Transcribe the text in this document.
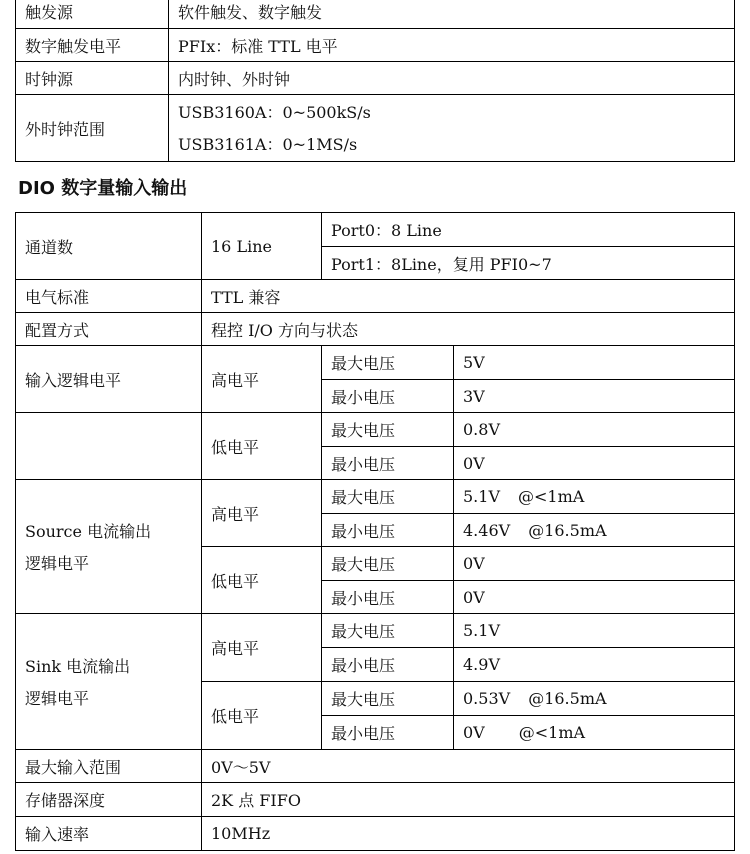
触发源	软件触发、数字触发
数字触发电平	PFIx：标准 TTL 电平
时钟源	内时钟、外时钟
外时钟范围	USB3160A：0~500kS/s
USB3161A：0~1MS/s
DIO 数字量输入输出
通道数	16 Line	Port0：8 Line	
		Port1：8Line，复用 PFI0~7	
电气标准	TTL 兼容		
配置方式	程控 I/O 方向与状态		
输入逻辑电平	高电平	最大电压	5V
		最小电压	3V
	低电平	最大电压	0.8V
		最小电压	0V

Source 电流输出
逻辑电平	高电平	最大电压	5.1V @<1mA
		最小电压	4.46V @16.5mA
	低电平	最大电压	0V
		最小电压	0V

Sink 电流输出
逻辑电平	高电平	最大电压	5.1V
		最小电压	4.9V
	低电平	最大电压	0.53V @16.5mA
		最小电压	0V @<1mA
最大输入范围	0V～5V		
存储器深度	2K 点 FIFO		
输入速率	10MHz		
